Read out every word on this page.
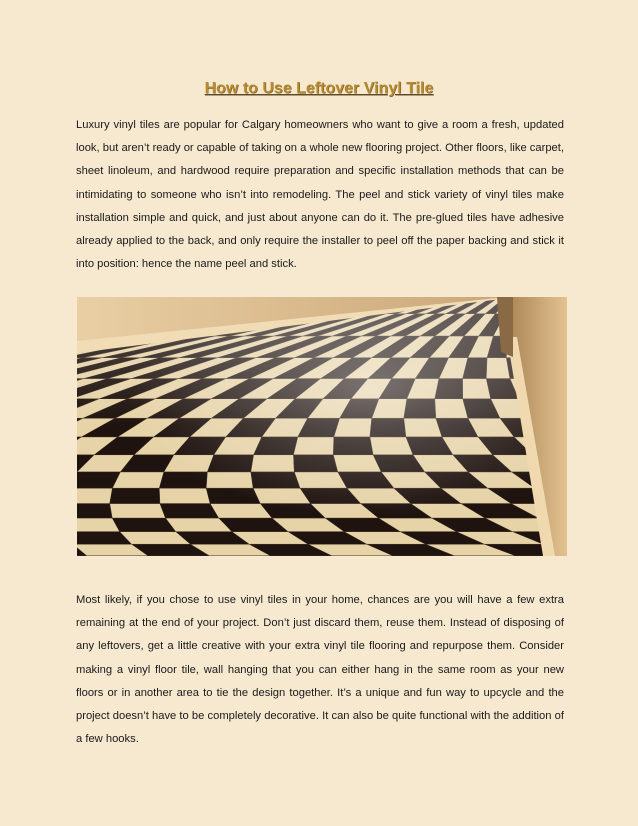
How to Use Leftover Vinyl Tile
Luxury vinyl tiles are popular for Calgary homeowners who want to give a room a fresh, updated look, but aren’t ready or capable of taking on a whole new flooring project. Other floors, like carpet, sheet linoleum, and hardwood require preparation and specific installation methods that can be intimidating to someone who isn’t into remodeling. The peel and stick variety of vinyl tiles make installation simple and quick, and just about anyone can do it. The pre-glued tiles have adhesive already applied to the back, and only require the installer to peel off the paper backing and stick it into position: hence the name peel and stick.
Most likely, if you chose to use vinyl tiles in your home, chances are you will have a few extra remaining at the end of your project. Don’t just discard them, reuse them. Instead of disposing of any leftovers, get a little creative with your extra vinyl tile flooring and repurpose them. Consider making a vinyl floor tile, wall hanging that you can either hang in the same room as your new floors or in another area to tie the design together. It’s a unique and fun way to upcycle and the project doesn’t have to be completely decorative. It can also be quite functional with the addition of a few hooks.
